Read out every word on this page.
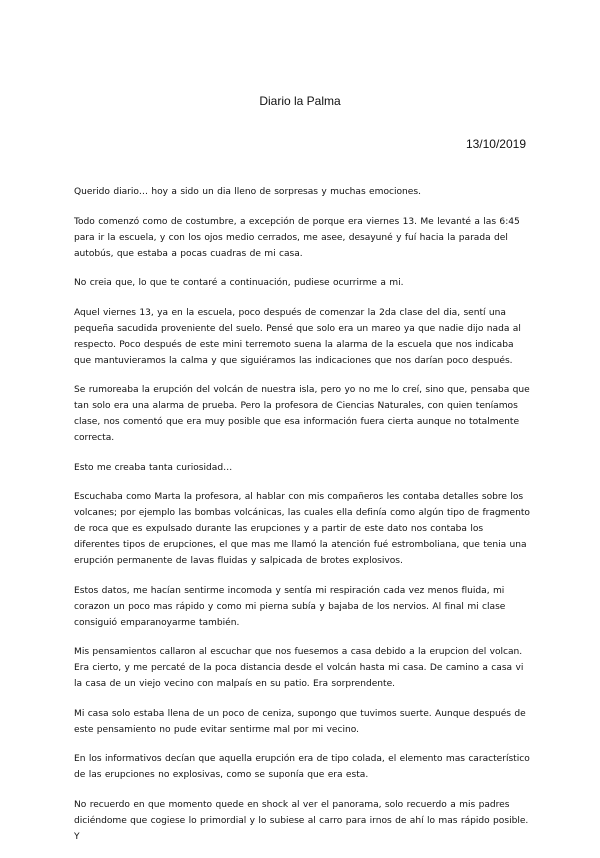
Diario la Palma
13/10/2019

Querido diario… hoy a sido un dia lleno de sorpresas y muchas emociones.

Todo comenzó como de costumbre, a excepción de porque era viernes 13. Me levanté a las 6:45 para ir la escuela, y con los ojos medio cerrados, me asee, desayuné y fuí hacia la parada del autobús, que estaba a pocas cuadras de mi casa.

No creia que, lo que te contaré a continuación, pudiese ocurrirme a mi.

Aquel viernes 13, ya en la escuela, poco después de comenzar la 2da clase del dia, sentí una pequeña sacudida proveniente del suelo. Pensé que solo era un mareo ya que nadie dijo nada al respecto. Poco después de este mini terremoto suena la alarma de la escuela que nos indicaba que mantuvieramos la calma y que siguiéramos las indicaciones que nos darían poco después.

Se rumoreaba la erupción del volcán de nuestra isla, pero yo no me lo creí, sino que, pensaba que tan solo era una alarma de prueba. Pero la profesora de Ciencias Naturales, con quien teníamos clase, nos comentó que era muy posible que esa información fuera cierta aunque no totalmente correcta.

Esto me creaba tanta curiosidad…

Escuchaba como Marta la profesora, al hablar con mis compañeros les contaba detalles sobre los volcanes; por ejemplo las bombas volcánicas, las cuales ella definía como algún tipo de fragmento de roca que es expulsado durante las erupciones y a partir de este dato nos contaba los diferentes tipos de erupciones, el que mas me llamó la atención fué estromboliana, que tenia una erupción permanente de lavas fluidas y salpicada de brotes explosivos.

Estos datos, me hacían sentirme incomoda y sentía mi respiración cada vez menos fluida, mi corazon un poco mas rápido y como mi pierna subía y bajaba de los nervios. Al final mi clase consiguió emparanoyarme también.

Mis pensamientos callaron al escuchar que nos fuesemos a casa debido a la erupcion del volcan. Era cierto, y me percaté de la poca distancia desde el volcán hasta mi casa. De camino a casa vi la casa de un viejo vecino con malpaís en su patio. Era sorprendente.

Mi casa solo estaba llena de un poco de ceniza, supongo que tuvimos suerte. Aunque después de este pensamiento no pude evitar sentirme mal por mi vecino.

En los informativos decían que aquella erupción era de tipo colada, el elemento mas característico de las erupciones no explosivas, como se suponía que era esta.

No recuerdo en que momento quede en shock al ver el panorama, solo recuerdo a mis padres diciéndome que cogiese lo primordial y lo subiese al carro para irnos de ahí lo mas rápido posible. Y
